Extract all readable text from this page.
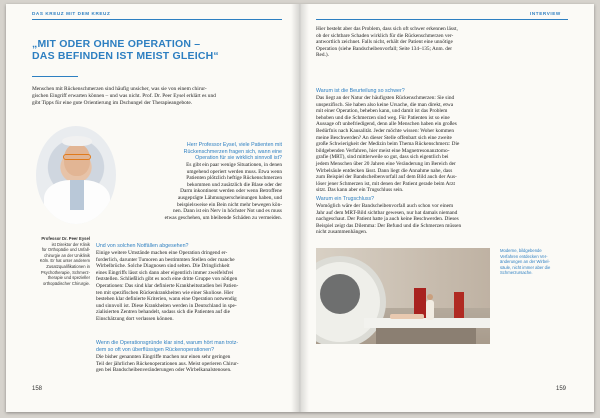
DAS KREUZ MIT DEM KREUZ
„MIT ODER OHNE OPERATION –
DAS BEFINDEN IST MEIST GLEICH“
Menschen mit Rückenschmerzen sind häufig unsicher, was sie von einem chirur-
gischen Eingriff erwarten können – und was nicht. Prof. Dr. Peer Eysel erklärt es und
gibt Tipps für eine gute Orientierung im Dschungel der Therapieangebote.
Herr Professor Eysel, viele Patienten mit
Rückenschmerzen fragen sich, wann eine
Operation für sie wirklich sinnvoll ist?
Es gibt ein paar wenige Situationen, in denen
umgehend operiert werden muss. Etwa wenn
Patienten plötzlich heftige Rückenschmerzen
bekommen und zusätzlich die Blase oder der
Darm inkontinent werden oder wenn Betroffene
ausgeprägte Lähmungserscheinungen haben, und
beispielsweise ein Bein nicht mehr bewegen kön-
nen. Dann ist ein Nerv in höchster Not und es muss
etwas geschehen, um bleibende Schäden zu vermeiden.
Professor Dr. Peer Eysel
ist Direktor der Klinik
für Orthopädie und Unfall-
chirurgie an der Uniklinik
Köln. Er hat unter anderem
Zusatzqualifikationen in
Psychotherapie, Schmerz-
therapie und spezieller
orthopädischer Chirurgie.
Und von solchen Notfällen abgesehen?
Einige weitere Umstände machen eine Operation dringend er-
forderlich, darunter Tumoren an bestimmten Stellen oder manche
Wirbelbrüche. Solche Diagnosen sind selten. Die Dringlichkeit
eines Eingriffs lässt sich dann aber eigentlich immer zweifelsfrei
feststellen. Schließlich gibt es noch eine dritte Gruppe von nötigen
Operationen: Das sind klar definierte Krankheitsstadien bei Patien-
ten mit spezifischen Rückenkrankheiten wie einer Skoliose. Hier
bestehen klar definierte Kriterien, wann eine Operation notwendig
und sinnvoll ist. Diese Krankheiten werden in Deutschland in spe-
zialisierten Zentren behandelt, sodass sich die Patienten auf die
Einschätzung dort verlassen können.
Wenn die Operationsgründe klar sind, warum hört man trotz-
dem so oft von überflüssigen Rückenoperationen?
Die bisher genannten Eingriffe machen nur einen sehr geringen
Teil der jährlichen Rückenoperationen aus. Meist operieren Chirur-
gen bei Bandscheibenveränderungen oder Wirbelkanalstenosen.
158
INTERVIEW
Hier besteht aber das Problem, dass sich oft schwer erkennen lässt,
ob der sichtbare Schaden wirklich für die Rückenschmerzen ver-
antwortlich zeichnet. Falls nicht, erhält der Patient eine unnötige
Operation (siehe Bandscheibenvorfall; Seite 134–135; Anm. der
Red.).
Warum ist die Beurteilung so schwer?
Das liegt an der Natur der häufigsten Rückenschmerzen: Sie sind
unspezifisch. Sie haben also keine Ursache, die man direkt, etwa
mit einer Operation, beheben kann, und damit ist das Problem
behoben und die Schmerzen sind weg. Für Patienten ist so eine
Aussage oft unbefriedigend, denn alle Menschen haben ein großes
Bedürfnis nach Kausalität. Jeder möchte wissen: Woher kommen
meine Beschwerden? An dieser Stelle offenbart sich eine zweite
große Schwierigkeit der Medizin beim Thema Rückenschmerz: Die
bildgebenden Verfahren, hier meist eine Magnetresonanztomo-
grafie (MRT), sind mittlerweile so gut, dass sich eigentlich bei
jedem Menschen über 20 Jahren eine Veränderung im Bereich der
Wirbelsäule entdecken lässt. Dann liegt die Annahme nahe, dass
zum Beispiel der Bandscheibenvorfall auf dem Bild auch der Aus-
löser jener Schmerzen ist, mit denen der Patient gerade beim Arzt
sitzt. Das kann aber ein Trugschluss sein.
Warum ein Trugschluss?
Womöglich wäre der Bandscheibenvorfall auch schon vor einem
Jahr auf dem MRT-Bild sichtbar gewesen, nur hat damals niemand
nachgeschaut. Der Patient hatte ja auch keine Beschwerden. Dieses
Beispiel zeigt das Dilemma: Der Befund und die Schmerzen müssen
nicht zusammenhängen.
Moderne, bildgebende
Verfahren entdecken Ver-
änderungen an der Wirbel-
säule, nicht immer aber die
Schmerzursache.
159
